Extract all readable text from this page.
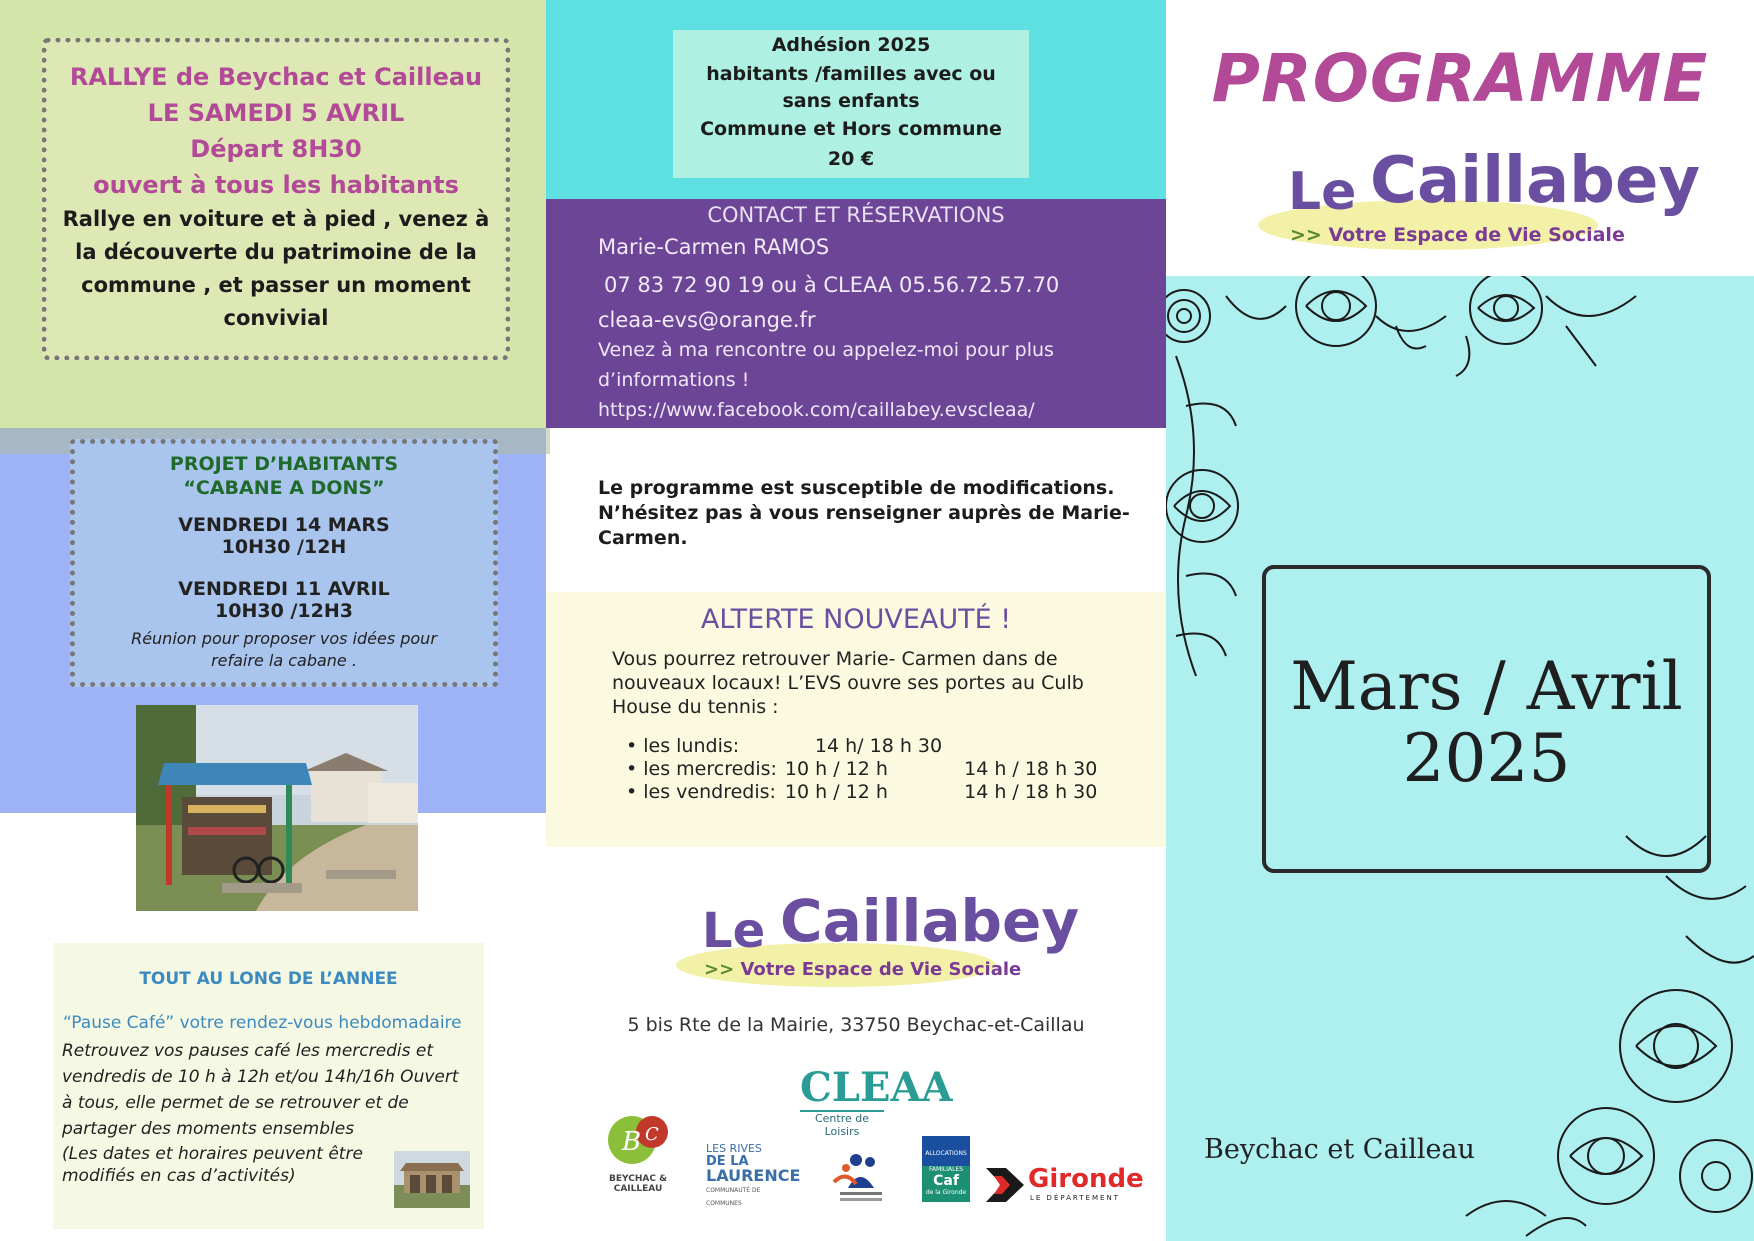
RALLYE de Beychac et Cailleau
LE SAMEDI 5 AVRIL
Départ 8H30
ouvert à tous les habitants
Rallye en voiture et à pied , venez à la découverte du patrimoine de la commune , et passer un moment convivial
PROJET D’HABITANTS
“CABANE A DONS”
VENDREDI 14 MARS
10H30 /12H
VENDREDI 11 AVRIL
10H30 /12H3
Réunion pour proposer vos idées pour refaire la cabane .
TOUT AU LONG DE L’ANNEE
“Pause Café” votre rendez-vous hebdomadaire
Retrouvez vos pauses café les mercredis et vendredis de 10 h à 12h et/ou 14h/16h Ouvert à tous, elle permet de se retrouver et de partager des moments ensembles
(Les dates et horaires peuvent être modifiés en cas d’activités)
Adhésion 2025
habitants /familles avec ou
sans enfants
Commune et Hors commune
20 €
CONTACT ET RÉSERVATIONS
Marie-Carmen RAMOS
07 83 72 90 19 ou à CLEAA 05.56.72.57.70
cleaa-evs@orange.fr
Venez à ma rencontre ou appelez-moi pour plus
d’informations !
https://www.facebook.com/caillabey.evscleaa/
Le programme est susceptible de modifications. N’hésitez pas à vous renseigner auprès de Marie-Carmen.
ALTERTE NOUVEAUTÉ !
Vous pourrez retrouver Marie- Carmen dans de nouveaux locaux! L’EVS ouvre ses portes au Culb House du tennis :
• les lundis:	14 h/ 18 h 30	
• les mercredis:	10 h / 12 h	14 h / 18 h 30
• les vendredis:	10 h / 12 h	14 h / 18 h 30
Le Caillabey
>> Votre Espace de Vie Sociale
5 bis Rte de la Mairie, 33750 Beychac-et-Caillau
CLEAA
Centre de Loisirs
B C
BEYCHAC & CAILLEAU
LES RIVES
DE LA
LAURENCE
COMMUNAUTÉ DE COMMUNES
ALLOCATIONS
FAMILIALES
Caf
de la Gironde Gironde
LE DÉPARTEMENT
PROGRAMME
Le Caillabey
>> Votre Espace de Vie Sociale
Mars / Avril
2025
Beychac et Cailleau
